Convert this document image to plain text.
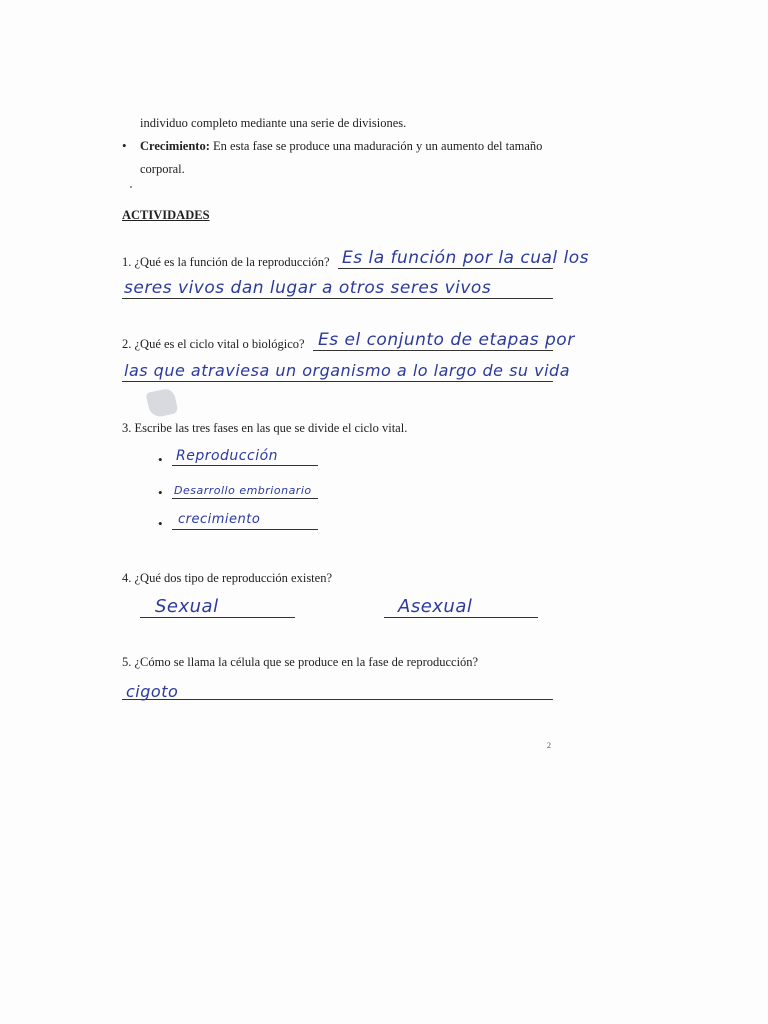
individuo completo mediante una serie de divisiones.
• Crecimiento: En esta fase se produce una maduración y un aumento del tamaño
corporal.
ACTIVIDADES
1. ¿Qué es la función de la reproducción? Es la función por la cual los
seres vivos dan lugar a otros seres vivos
2. ¿Qué es el ciclo vital o biológico? Es el conjunto de etapas por
las que atraviesa un organismo a lo largo de su vida
3. Escribe las tres fases en las que se divide el ciclo vital.
• Reproducción
• Desarrollo embrionario
• crecimiento
4. ¿Qué dos tipo de reproducción existen?
Sexual	Asexual
5. ¿Cómo se llama la célula que se produce en la fase de reproducción?
cigoto
2
